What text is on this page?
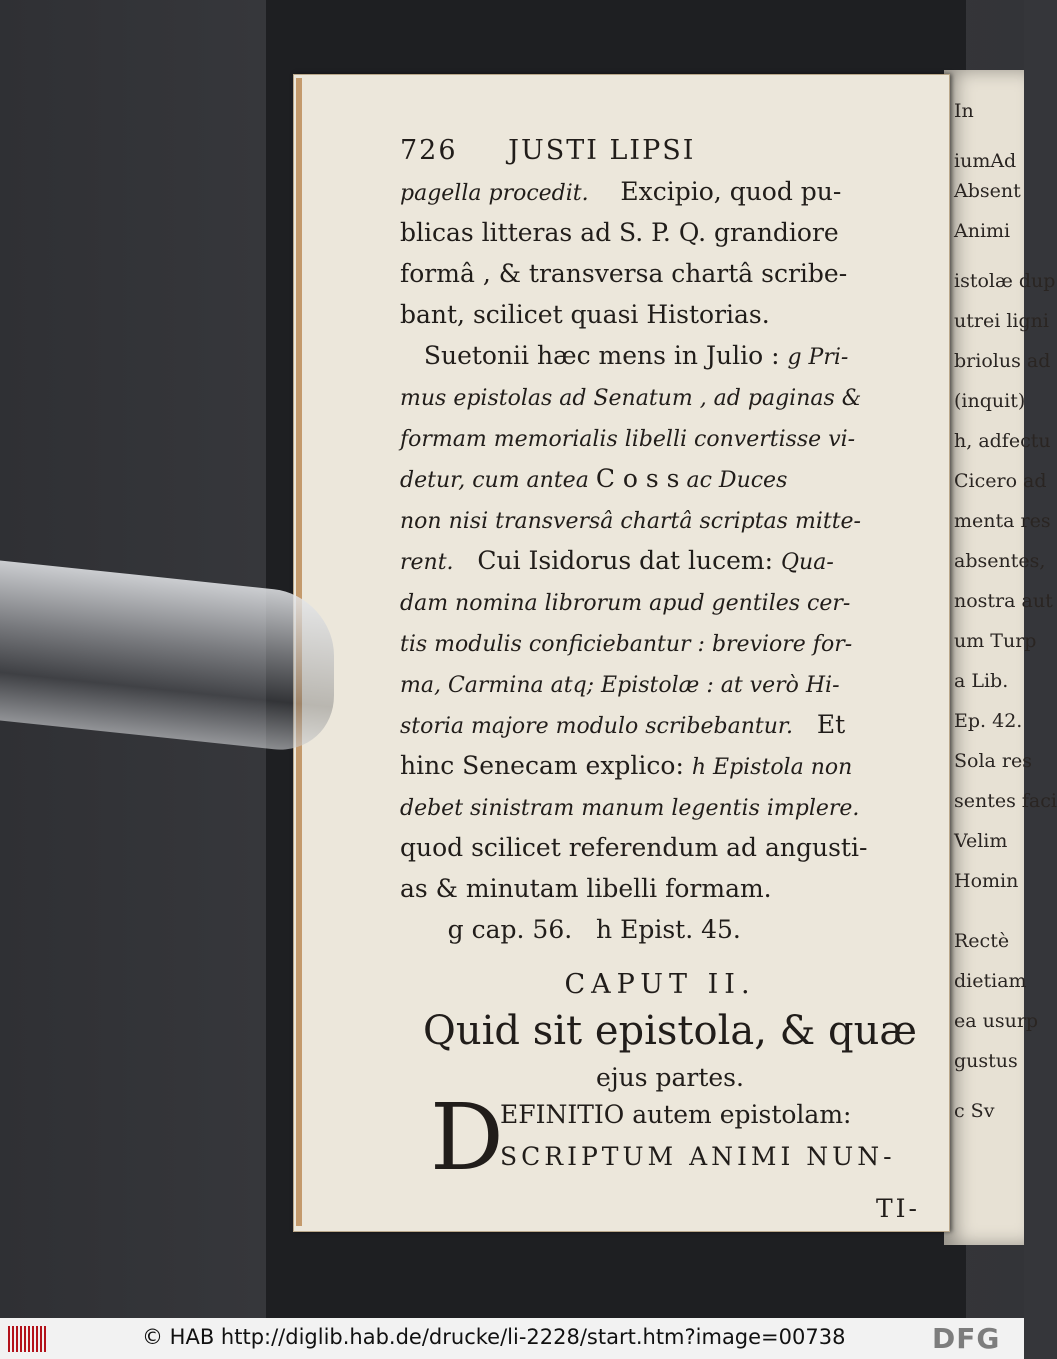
In
iumAd
Absent
Animi
istolæ dup
utrei ligni
briolus ad
(inquit)
h, adfectu
Cicero ad
menta res
absentes,
nostra aut
um Turp
a Lib.
Ep. 42.
Sola res
sentes faci
Velim
Homin
Rectè
dietiam
ea usurp
gustus
c Sv
726 JUSTI LIPSI
pagella procedit.    Excipio, quod pu-
blicas litteras ad S. P. Q. grandiore
formâ , & transversa chartâ scribe-
bant, scilicet quasi Historias.
Suetonii hæc mens in Julio : g Pri-
mus epistolas ad Senatum , ad paginas &
formam memorialis libelli convertisse vi-
detur, cum antea C o s s ac Duces
non nisi transversâ chartâ scriptas mitte-
rent.   Cui Isidorus dat lucem: Qua-
dam nomina librorum apud gentiles cer-
tis modulis conficiebantur : breviore for-
ma, Carmina atq; Epistolæ : at verò Hi-
storia majore modulo scribebantur.   Et
hinc Senecam explico: h Epistola non
debet sinistram manum legentis implere.
quod scilicet referendum ad angusti-
as & minutam libelli formam.
g cap. 56.   h Epist. 45.
CAPUT II.
Quid sit epistola, & quæ
ejus partes.
D
EFINITIO autem epistolam:
SCRIPTUM ANIMI NUN-
TI-
© HAB http://diglib.hab.de/drucke/li-2228/start.htm?image=00738	DFG
